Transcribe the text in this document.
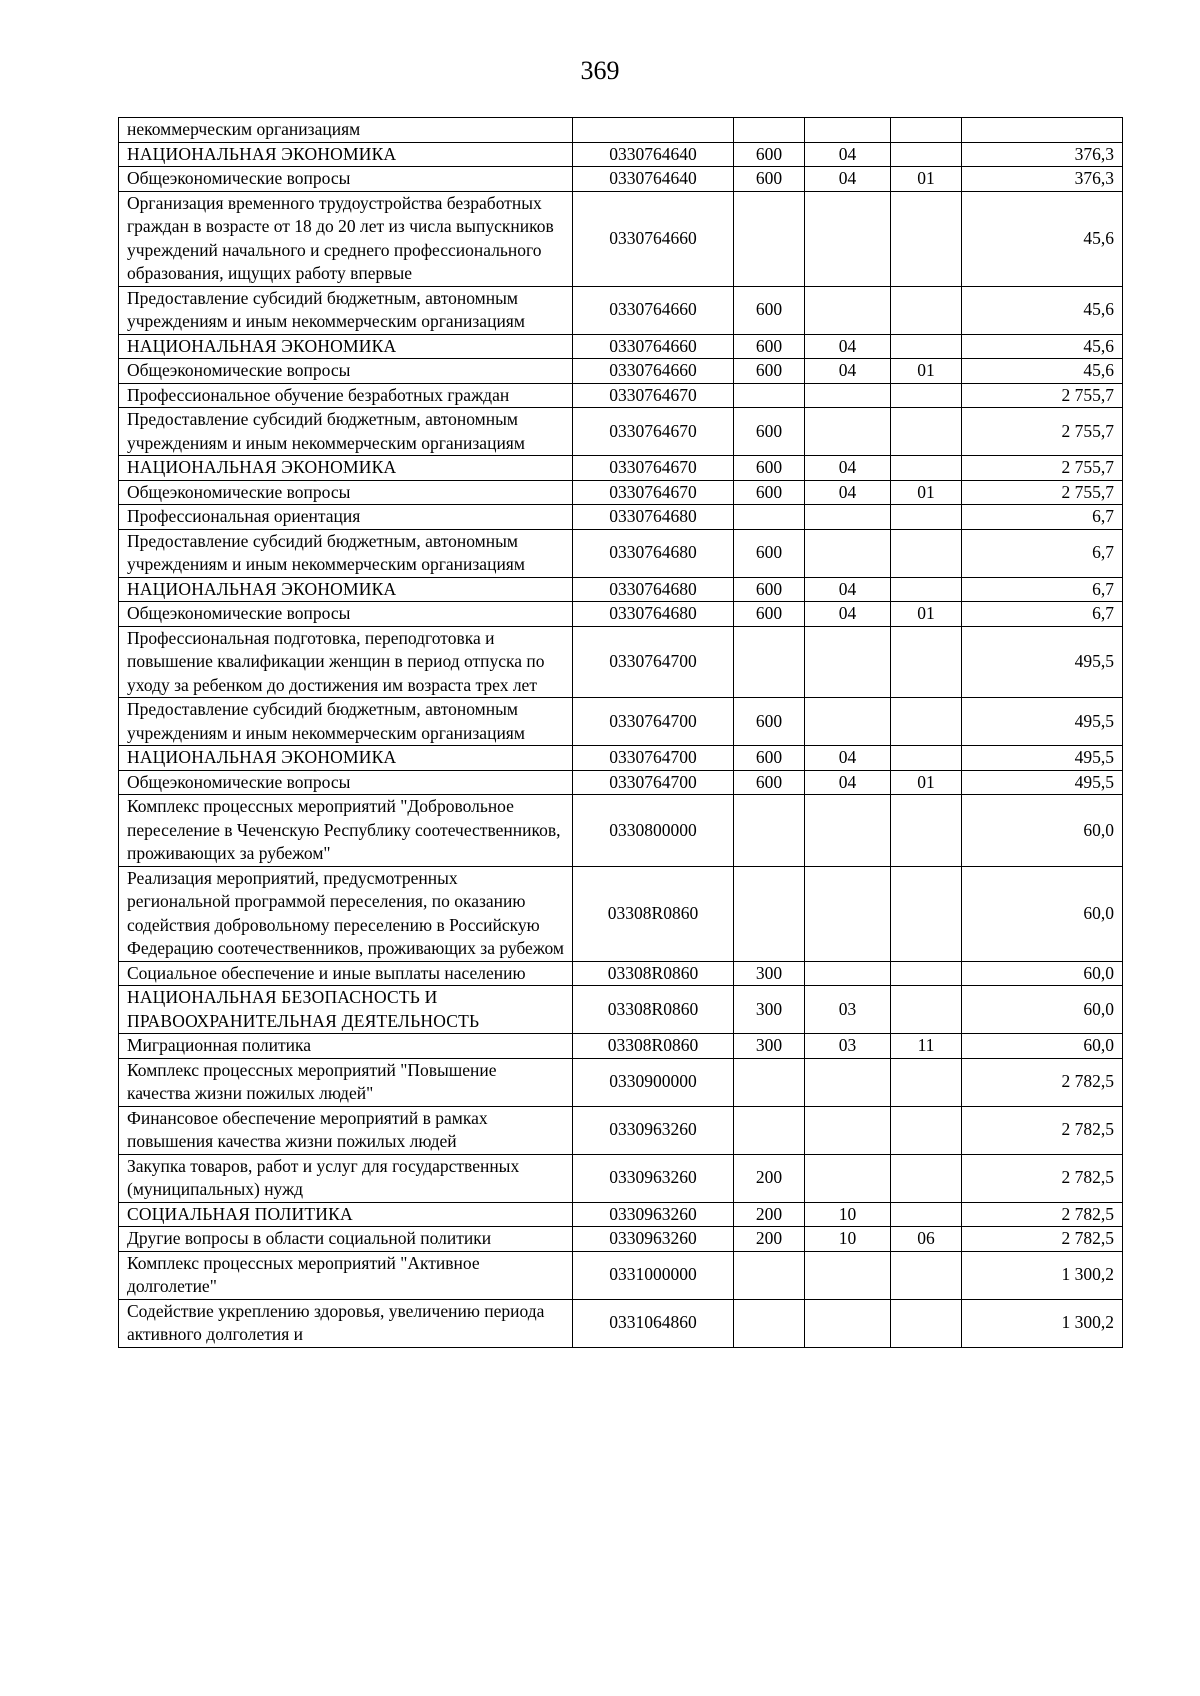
369
некоммерческим организациям					
НАЦИОНАЛЬНАЯ ЭКОНОМИКА	0330764640	600	04		376,3
Общеэкономические вопросы	0330764640	600	04	01	376,3
Организация временного трудоустройства безработных граждан в возрасте от 18 до 20 лет из числа выпускников учреждений начального и среднего профессионального образования, ищущих работу впервые	0330764660				45,6
Предоставление субсидий бюджетным, автономным учреждениям и иным некоммерческим организациям	0330764660	600			45,6
НАЦИОНАЛЬНАЯ ЭКОНОМИКА	0330764660	600	04		45,6
Общеэкономические вопросы	0330764660	600	04	01	45,6
Профессиональное обучение безработных граждан	0330764670				2 755,7
Предоставление субсидий бюджетным, автономным учреждениям и иным некоммерческим организациям	0330764670	600			2 755,7
НАЦИОНАЛЬНАЯ ЭКОНОМИКА	0330764670	600	04		2 755,7
Общеэкономические вопросы	0330764670	600	04	01	2 755,7
Профессиональная ориентация	0330764680				6,7
Предоставление субсидий бюджетным, автономным учреждениям и иным некоммерческим организациям	0330764680	600			6,7
НАЦИОНАЛЬНАЯ ЭКОНОМИКА	0330764680	600	04		6,7
Общеэкономические вопросы	0330764680	600	04	01	6,7
Профессиональная подготовка, переподготовка и повышение квалификации женщин в период отпуска по уходу за ребенком до достижения им возраста трех лет	0330764700				495,5
Предоставление субсидий бюджетным, автономным учреждениям и иным некоммерческим организациям	0330764700	600			495,5
НАЦИОНАЛЬНАЯ ЭКОНОМИКА	0330764700	600	04		495,5
Общеэкономические вопросы	0330764700	600	04	01	495,5
Комплекс процессных мероприятий "Добровольное переселение в Чеченскую Республику соотечественников, проживающих за рубежом"	0330800000				60,0
Реализация мероприятий, предусмотренных региональной программой переселения, по оказанию содействия добровольному переселению в Российскую Федерацию соотечественников, проживающих за рубежом	03308R0860				60,0
Социальное обеспечение и иные выплаты населению	03308R0860	300			60,0
НАЦИОНАЛЬНАЯ БЕЗОПАСНОСТЬ И ПРАВООХРАНИТЕЛЬНАЯ ДЕЯТЕЛЬНОСТЬ	03308R0860	300	03		60,0
Миграционная политика	03308R0860	300	03	11	60,0
Комплекс процессных мероприятий "Повышение качества жизни пожилых людей"	0330900000				2 782,5
Финансовое обеспечение мероприятий в рамках повышения качества жизни пожилых людей	0330963260				2 782,5
Закупка товаров, работ и услуг для государственных (муниципальных) нужд	0330963260	200			2 782,5
СОЦИАЛЬНАЯ ПОЛИТИКА	0330963260	200	10		2 782,5
Другие вопросы в области социальной политики	0330963260	200	10	06	2 782,5
Комплекс процессных мероприятий "Активное долголетие"	0331000000				1 300,2
Содействие укреплению здоровья, увеличению периода активного долголетия и	0331064860				1 300,2
